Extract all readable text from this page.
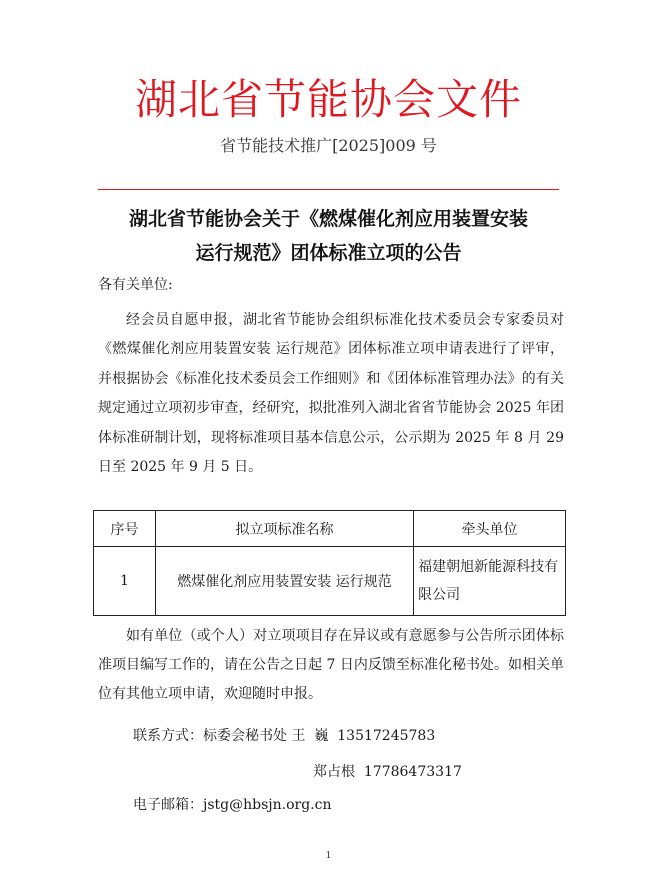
湖北省节能协会文件
省节能技术推广[2025]009 号
湖北省节能协会关于《燃煤催化剂应用装置安装
运行规范》团体标准立项的公告
各有关单位:
经会员自愿申报，湖北省节能协会组织标准化技术委员会专家委员对《燃煤催化剂应用装置安装 运行规范》团体标准立项申请表进行了评审，并根据协会《标准化技术委员会工作细则》和《团体标准管理办法》的有关规定通过立项初步审查，经研究，拟批准列入湖北省省节能协会 2025 年团体标准研制计划，现将标准项目基本信息公示，公示期为 2025 年 8 月 29 日至 2025 年 9 月 5 日。
序号	拟立项标准名称	牵头单位
1	燃煤催化剂应用装置安装 运行规范	福建朝旭新能源科技有限公司
如有单位（或个人）对立项项目存在异议或有意愿参与公告所示团体标准项目编写工作的，请在公告之日起 7 日内反馈至标准化秘书处。如相关单位有其他立项申请，欢迎随时申报。
联系方式：标委会秘书处 王  巍  13517245783
郑占根  17786473317
电子邮箱：jstg@hbsjn.org.cn
1
